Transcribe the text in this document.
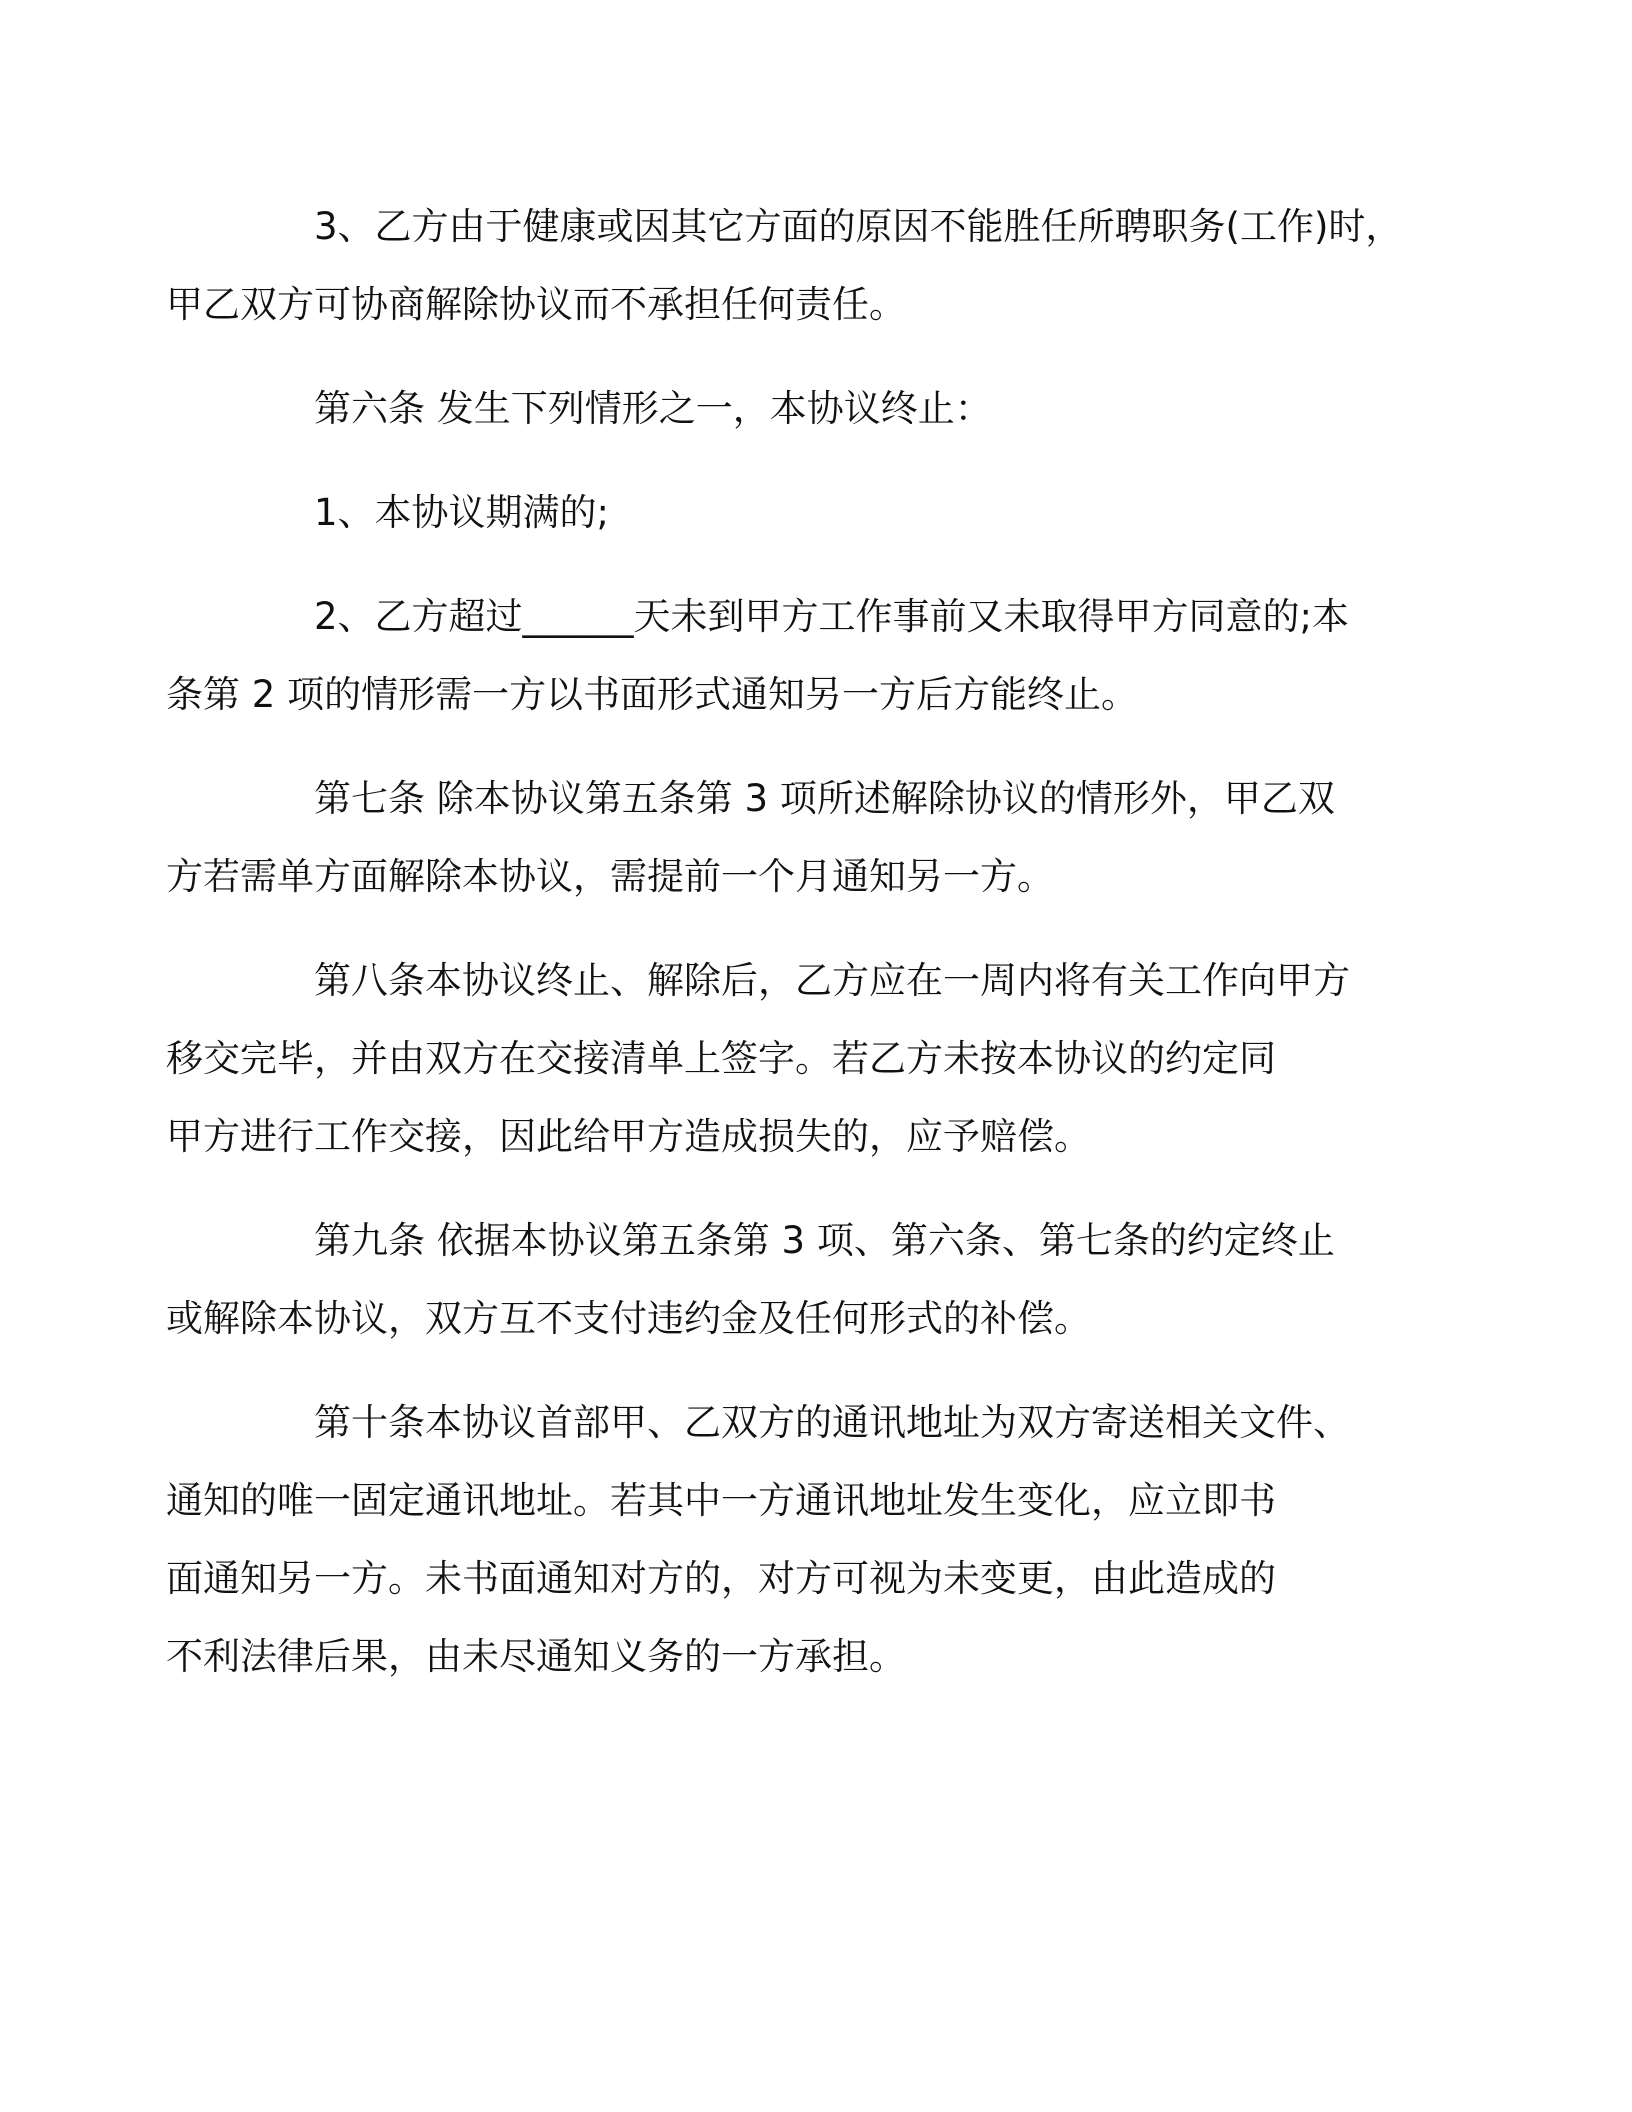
3、乙方由于健康或因其它方面的原因不能胜任所聘职务(工作)时，
甲乙双方可协商解除协议而不承担任何责任。

第六条 发生下列情形之一，本协议终止：

1、本协议期满的;

2、乙方超过______天未到甲方工作事前又未取得甲方同意的;本
条第 2 项的情形需一方以书面形式通知另一方后方能终止。

第七条 除本协议第五条第 3 项所述解除协议的情形外，甲乙双
方若需单方面解除本协议，需提前一个月通知另一方。

第八条本协议终止、解除后，乙方应在一周内将有关工作向甲方
移交完毕，并由双方在交接清单上签字。若乙方未按本协议的约定同
甲方进行工作交接，因此给甲方造成损失的，应予赔偿。

第九条 依据本协议第五条第 3 项、第六条、第七条的约定终止
或解除本协议，双方互不支付违约金及任何形式的补偿。

第十条本协议首部甲、乙双方的通讯地址为双方寄送相关文件、
通知的唯一固定通讯地址。若其中一方通讯地址发生变化，应立即书
面通知另一方。未书面通知对方的，对方可视为未变更，由此造成的
不利法律后果，由未尽通知义务的一方承担。
